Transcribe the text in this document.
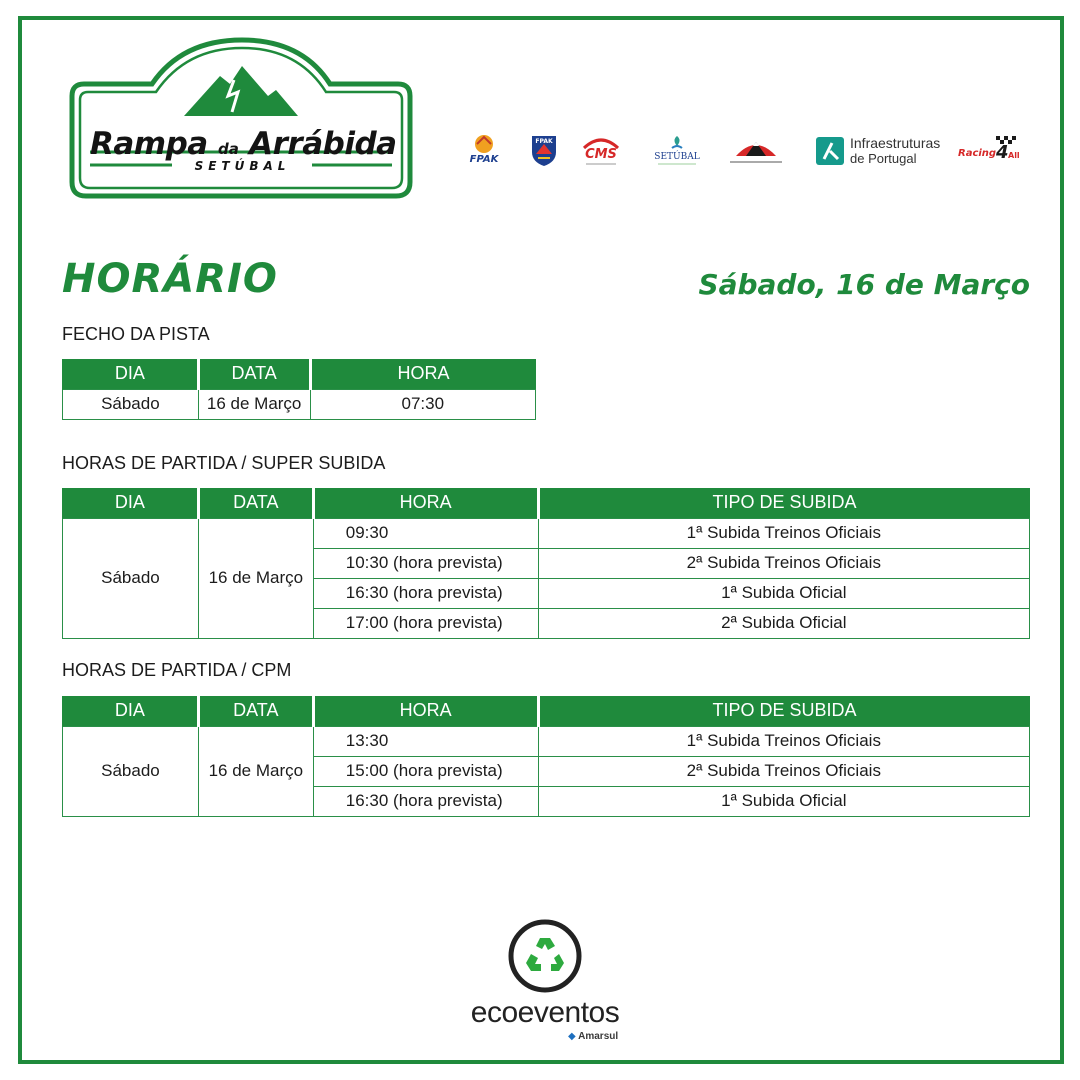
Rampa da Arrábida
SETÚBAL	FPAK
FPAK
CMS	SETÚBAL
Infraestruturas
de Portugal	Racing 4 All
HORÁRIO	Sábado, 16 de Março
FECHO DA PISTA
DIA	DATA	HORA
Sábado	16 de Março	07:30
HORAS DE PARTIDA / SUPER SUBIDA
DIA	DATA	HORA	TIPO DE SUBIDA
Sábado	16 de Março	09:30	1ª Subida Treinos Oficiais
		10:30 (hora prevista)	2ª Subida Treinos Oficiais
		16:30 (hora prevista)	1ª Subida Oficial
		17:00 (hora prevista)	2ª Subida Oficial
HORAS DE PARTIDA / CPM
DIA	DATA	HORA	TIPO DE SUBIDA
Sábado	16 de Março	13:30	1ª Subida Treinos Oficiais
		15:00 (hora prevista)	2ª Subida Treinos Oficiais
		16:30 (hora prevista)	1ª Subida Oficial
ecoeventos
◆ Amarsul
